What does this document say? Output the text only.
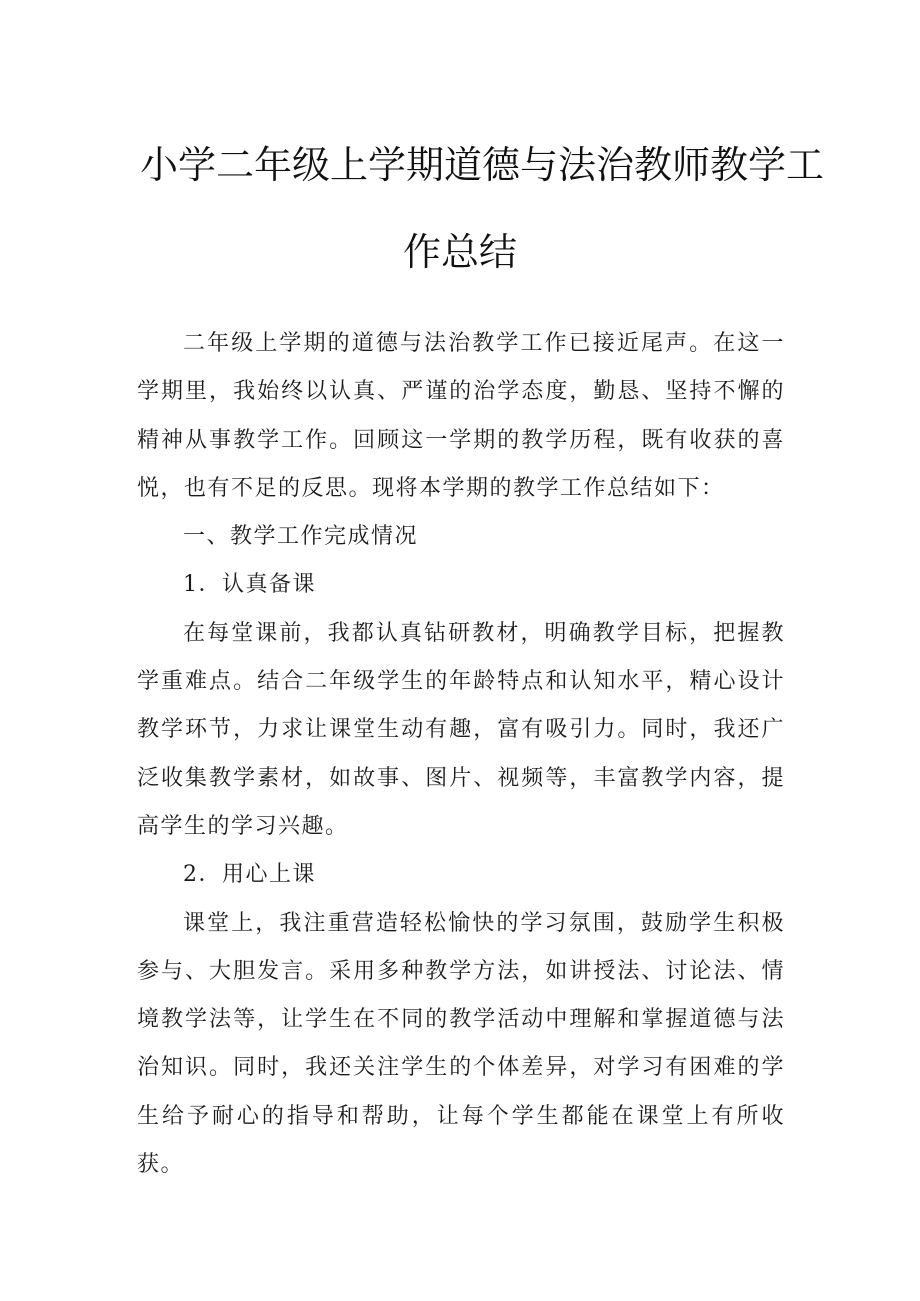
小学二年级上学期道德与法治教师教学工
作总结

二年级上学期的道德与法治教学工作已接近尾声。在这一学期里，我始终以认真、严谨的治学态度，勤恳、坚持不懈的精神从事教学工作。回顾这一学期的教学历程，既有收获的喜悦，也有不足的反思。现将本学期的教学工作总结如下：

一、教学工作完成情况

1．认真备课

在每堂课前，我都认真钻研教材，明确教学目标，把握教学重难点。结合二年级学生的年龄特点和认知水平，精心设计教学环节，力求让课堂生动有趣，富有吸引力。同时，我还广泛收集教学素材，如故事、图片、视频等，丰富教学内容，提高学生的学习兴趣。

2．用心上课

课堂上，我注重营造轻松愉快的学习氛围，鼓励学生积极参与、大胆发言。采用多种教学方法，如讲授法、讨论法、情境教学法等，让学生在不同的教学活动中理解和掌握道德与法治知识。同时，我还关注学生的个体差异，对学习有困难的学生给予耐心的指导和帮助，让每个学生都能在课堂上有所收获。
